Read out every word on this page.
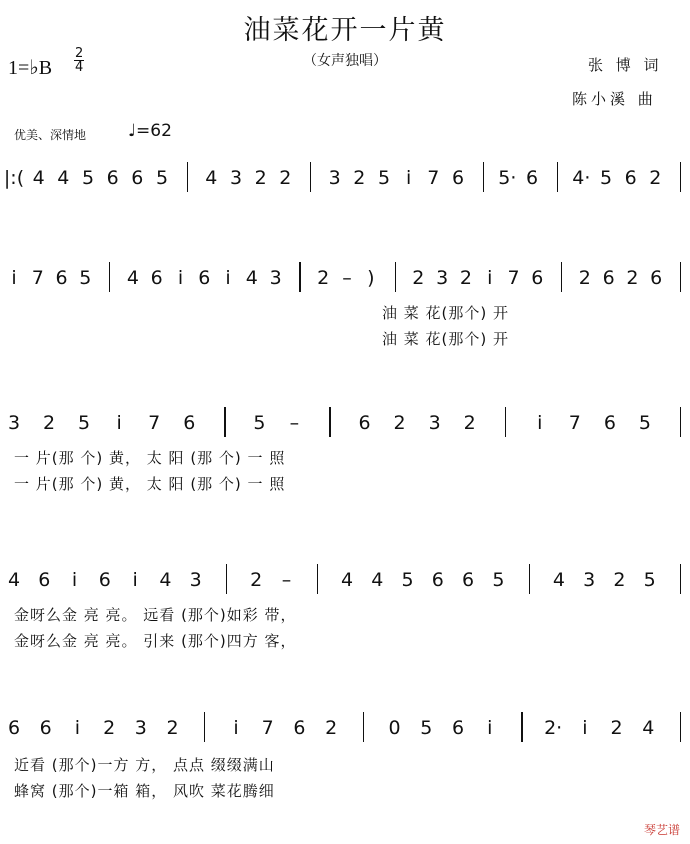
油菜花开一片黄
（女声独唱）	张 博 词
陈小溪 曲
1=♭B
2
4
优美、深情地 ♩=62
|:( 4 4 5 6 6 5 4 3 2 2 3 2 5 i 7 6 5· 6 4· 5 6 2
i 7 6 5 4 6 i 6 i 4 3 2 – ) 2 3 2 i 7 6 2 6 2 6
油 菜 花(那个) 开
油 菜 花(那个) 开
3 2 5 i 7 6	5 –	6 2 3 2	i 7 6 5
一 片(那 个) 黄， 太 阳 (那 个) 一 照
一 片(那 个) 黄， 太 阳 (那 个) 一 照
4 6 i 6 i 4 3	2 –	4 4 5 6 6 5	4 3 2 5
金呀么金 亮 亮。 远看 (那个)如彩 带，
金呀么金 亮 亮。 引来 (那个)四方 客，
6 6 i 2 3 2	i 7 6 2	0 5 6 i	2· i 2 4
近看 (那个)一方 方， 点点 缀缀满山
蜂窝 (那个)一箱 箱， 风吹 菜花腾细
琴艺谱
